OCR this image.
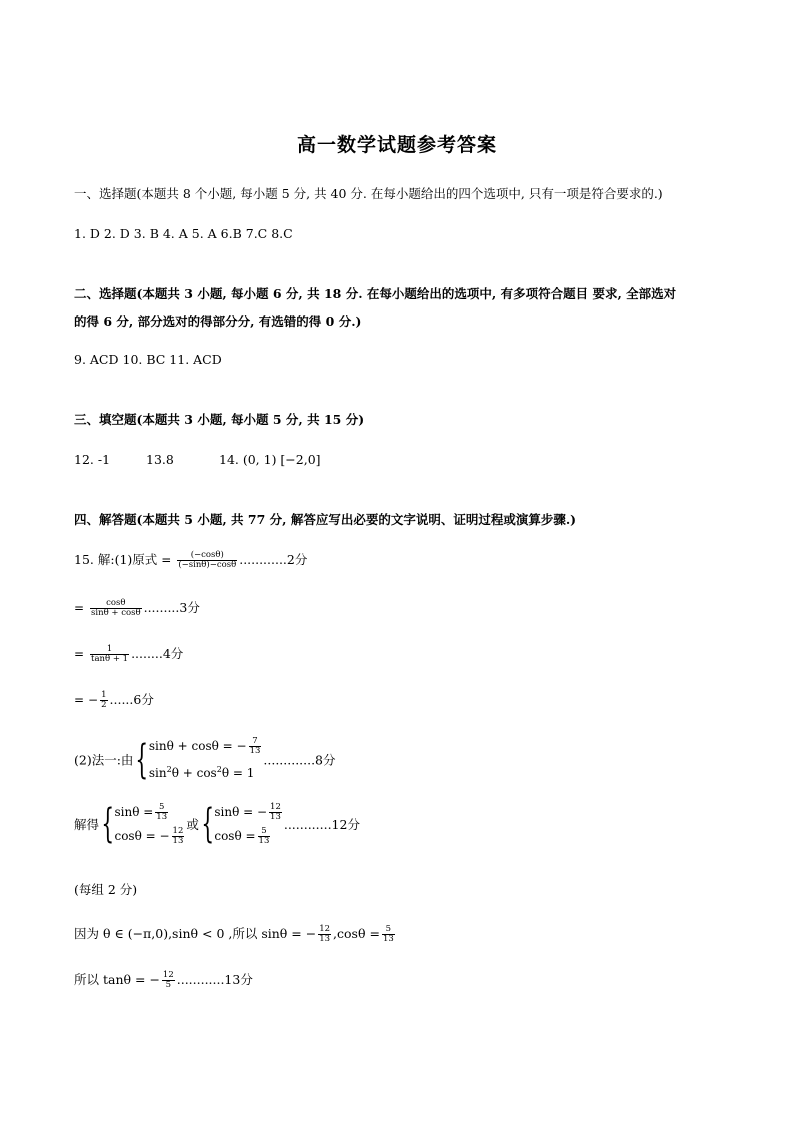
高一数学试题参考答案
一、选择题(本题共 8 个小题, 每小题 5 分, 共 40 分. 在每小题给出的四个选项中, 只有一项是符合要求的.)
1. D 2. D 3. B 4. A 5. A 6.B 7.C 8.C
二、选择题(本题共 3 小题, 每小题 6 分, 共 18 分. 在每小题给出的选项中, 有多项符合题目 要求, 全部选对
的得 6 分, 部分选对的得部分分, 有选错的得 0 分.)
9. ACD 10. BC 11. ACD
三、填空题(本题共 3 小题, 每小题 5 分, 共 15 分)
12. -1	13.8	14. (0, 1) [−2,0]
四、解答题(本题共 5 小题, 共 77 分, 解答应写出必要的文字说明、证明过程或演算步骤.)
15. 解:(1)原式 = $\frac{(-\cos\theta)}{(-\sin\theta)-\cos\theta} ............2$分
= $\frac{\cos\theta}{\sin\theta + \cos\theta} .........3$分
= $\frac{1}{\tan\theta + 1} ........4$分
= − $\frac{1}{2} ......6$分
(2)法一:由{ sinθ + cosθ = − $\frac{7}{13}$
$\sin^2\theta + \cos^2\theta = 1$
.............8分
解得{ $\sin\theta = \frac{5}{13}$
cosθ = − $\frac{12}{13}$
或{ sinθ = − $\frac{12}{13}$
$\cos\theta = \frac{5}{13}$
............12分
(每组 2 分)
因为 θ ∈ (−π,0),sinθ < 0 ,所以 sinθ = − $\frac{12}{13} ,\cos\theta = \frac{5}{13}$
所以 tanθ = − $\frac{12}{5} ............13$分
